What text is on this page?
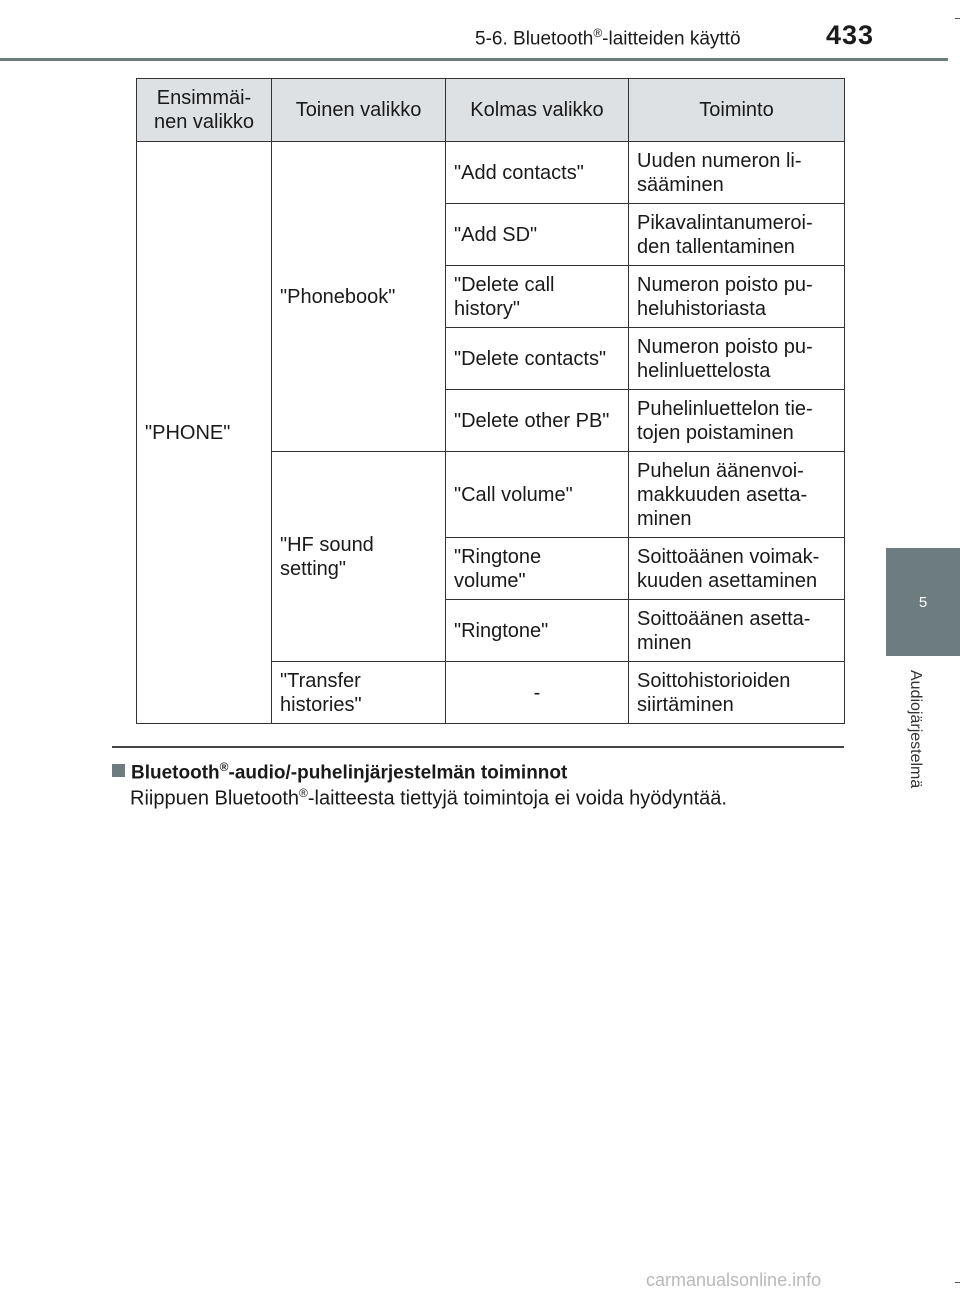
5-6. Bluetooth®-laitteiden käyttö	433
5
Audiojärjestelmä
Ensimmäi-
nen valikko	Toinen valikko	Kolmas valikko	Toiminto
"PHONE"	"Phonebook"	"Add contacts"	Uuden numeron li-
sääminen
		"Add SD"	Pikavalintanumeroi-
den tallentaminen
		"Delete call
history"	Numeron poisto pu-
heluhistoriasta
		"Delete contacts"	Numeron poisto pu-
helinluettelosta
		"Delete other PB"	Puhelinluettelon tie-
tojen poistaminen
	"HF sound
setting"	"Call volume"	Puhelun äänenvoi-
makkuuden asetta-
minen
		"Ringtone
volume"	Soittoäänen voimak-
kuuden asettaminen
		"Ringtone"	Soittoäänen asetta-
minen
	"Transfer
histories"	-	Soittohistorioiden
siirtäminen
Bluetooth®-audio/-puhelinjärjestelmän toiminnot
Riippuen Bluetooth®-laitteesta tiettyjä toimintoja ei voida hyödyntää.
carmanualsonline.info
